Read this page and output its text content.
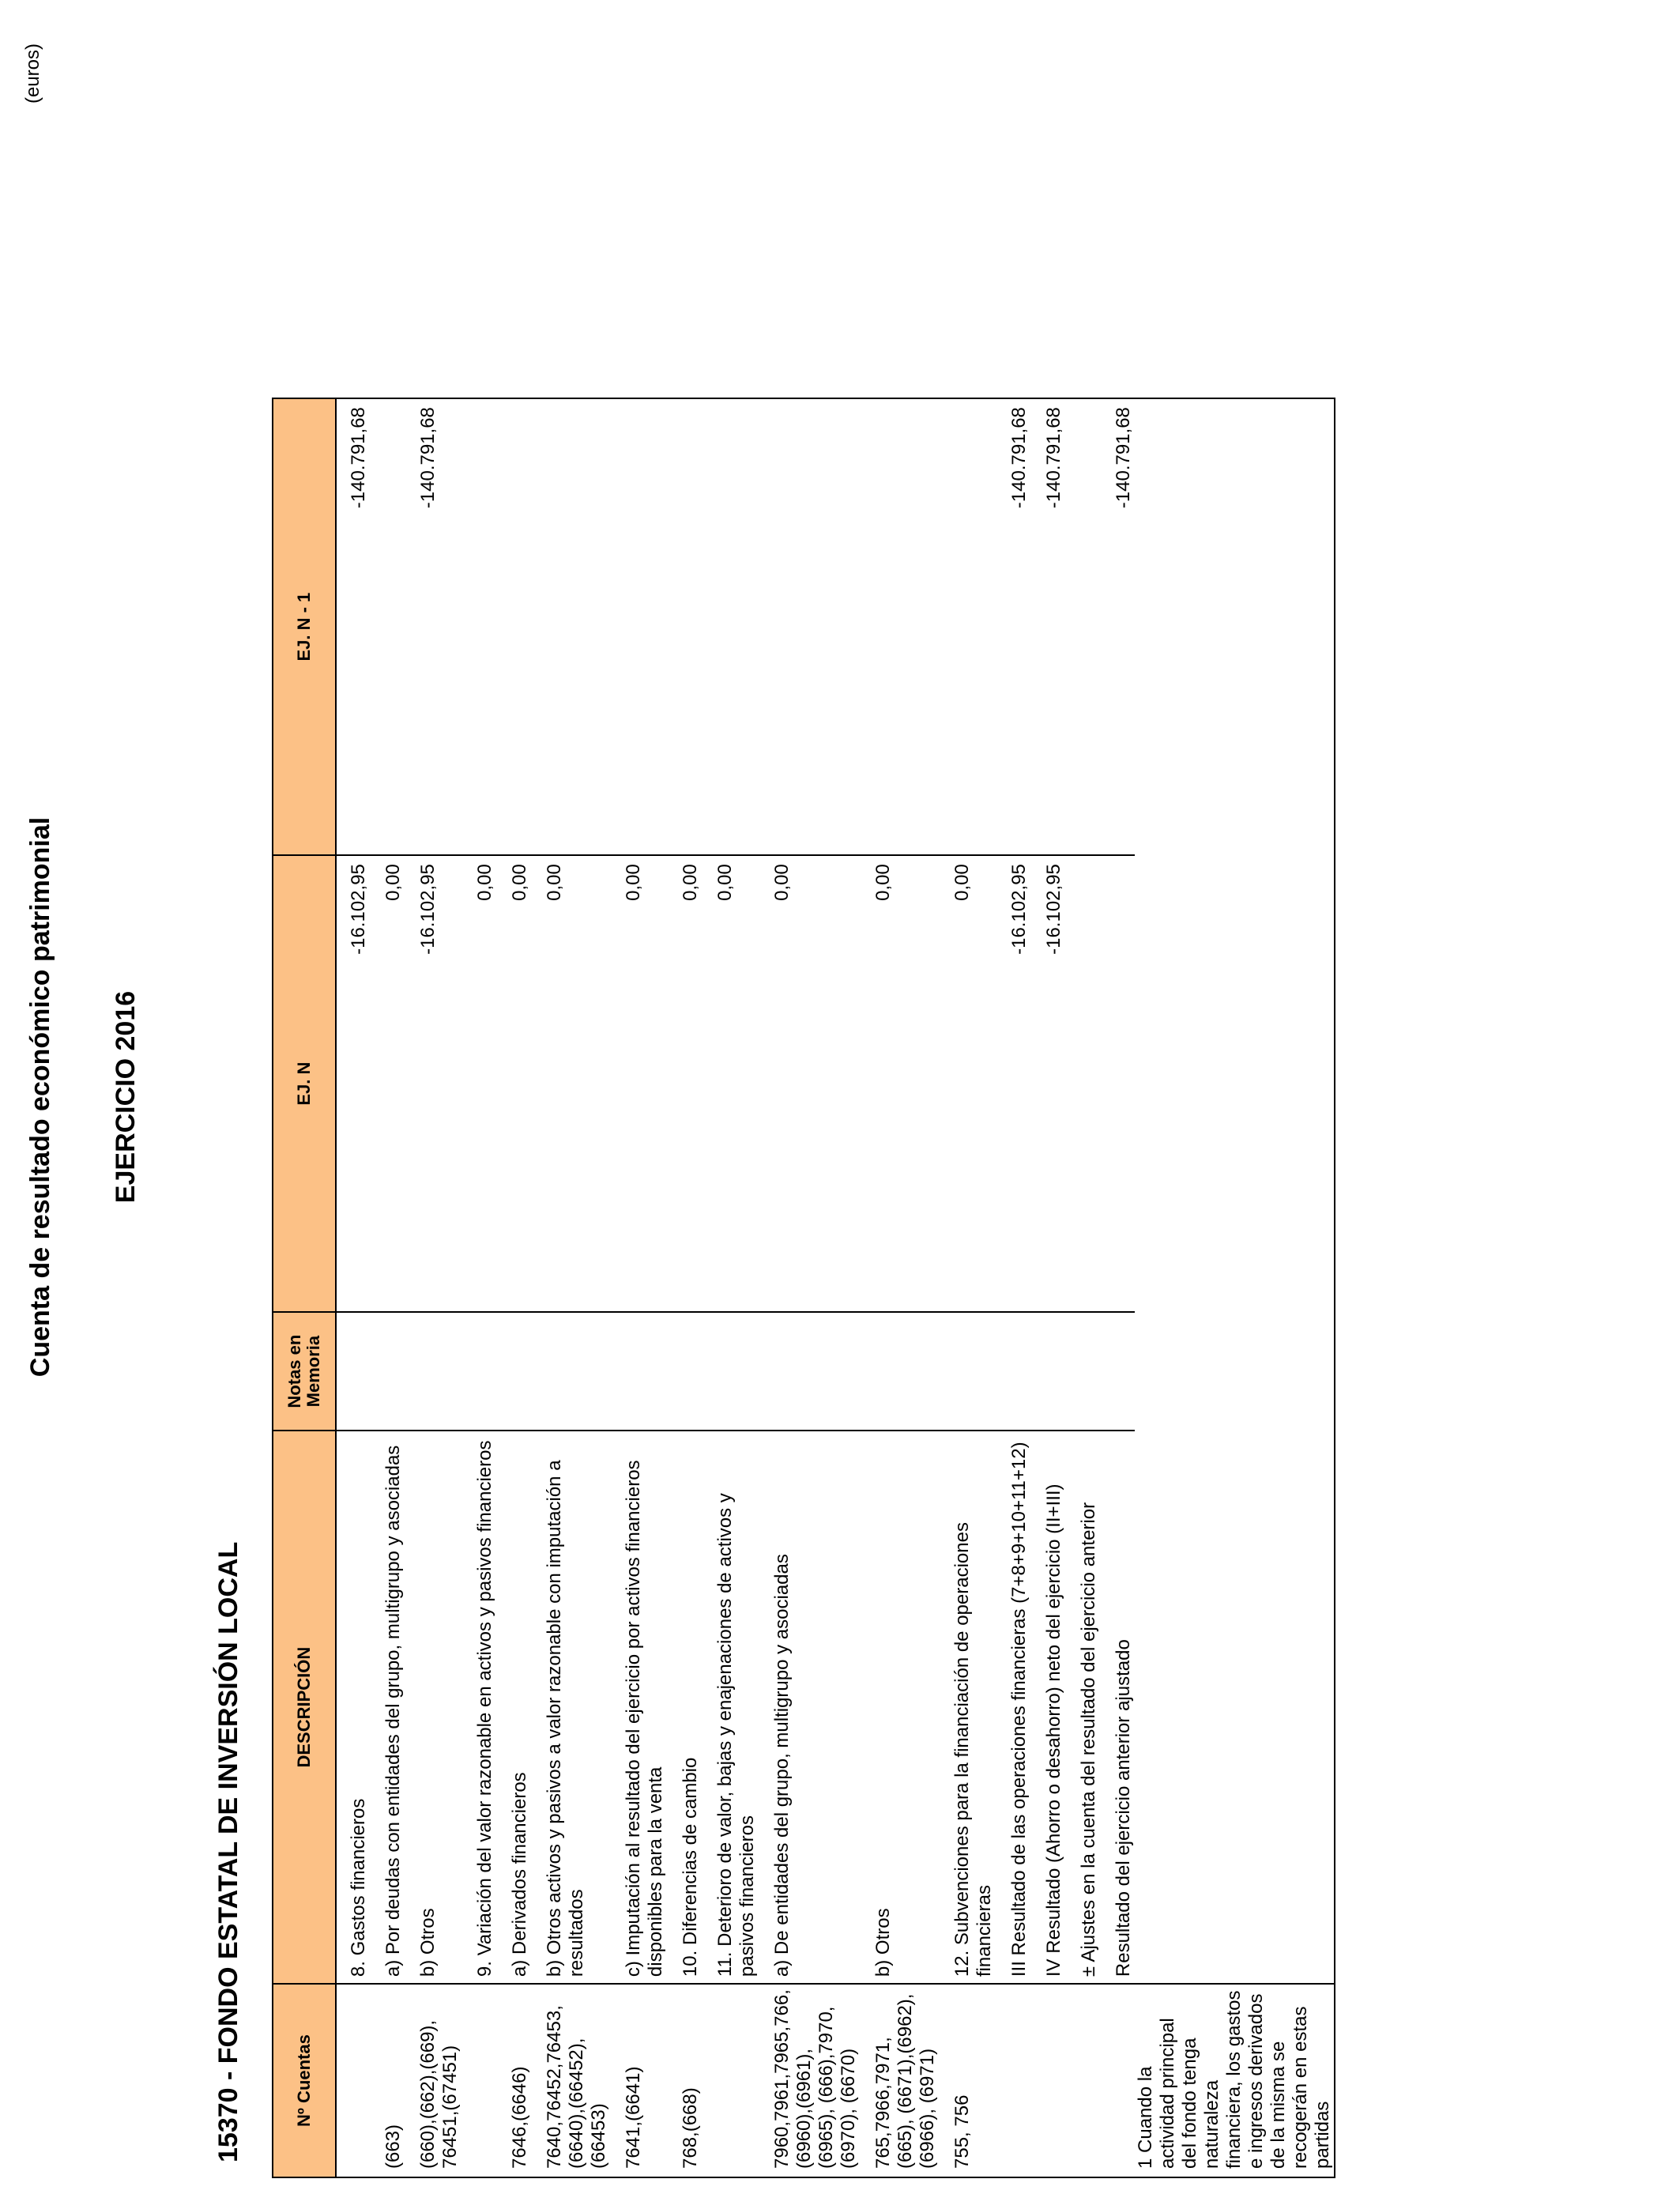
(euros)
Cuenta de resultado económico patrimonial EJERCICIO 2016
15370 - FONDO ESTATAL DE INVERSIÓN LOCAL	Nº Cuentas	DESCRIPCIÓN	Notas en Memoria	EJ. N	EJ. N - 1
	8. Gastos financieros		-16.102,95	-140.791,68
(663)	a) Por deudas con entidades del grupo, multigrupo y asociadas		0,00	
(660),(662),(669), 76451,(67451)	b) Otros		-16.102,95	-140.791,68
	9. Variación del valor razonable en activos y pasivos financieros		0,00	
7646,(6646)	a) Derivados financieros		0,00	
7640,76452,76453, (6640),(66452),(66453)	b) Otros activos y pasivos a valor razonable con imputación a resultados		0,00	
7641,(6641)	c) Imputación al resultado del ejercicio por activos financieros disponibles para la venta		0,00	
768,(668)	10. Diferencias de cambio		0,00	
	11. Deterioro de valor, bajas y enajenaciones de activos y pasivos financieros		0,00	
7960,7961,7965,766, (6960),(6961),(6965), (666),7970,(6970), (6670)	a) De entidades del grupo, multigrupo y asociadas		0,00	
765,7966,7971,(665), (6671),(6962),(6966), (6971)	b) Otros		0,00	
755, 756	12. Subvenciones para la financiación de operaciones financieras		0,00	
	III Resultado de las operaciones financieras (7+8+9+10+11+12)		-16.102,95	-140.791,68
	IV Resultado (Ahorro o desahorro) neto del ejercicio (II+III)		-16.102,95	-140.791,68
	± Ajustes en la cuenta del resultado del ejercicio anterior			
	Resultado del ejercicio anterior ajustado			-140.791,68

1 Cuando la actividad principal del fondo tenga naturaleza financiera, los gastos e ingresos derivados de la misma se recogerán en estas partidas				
